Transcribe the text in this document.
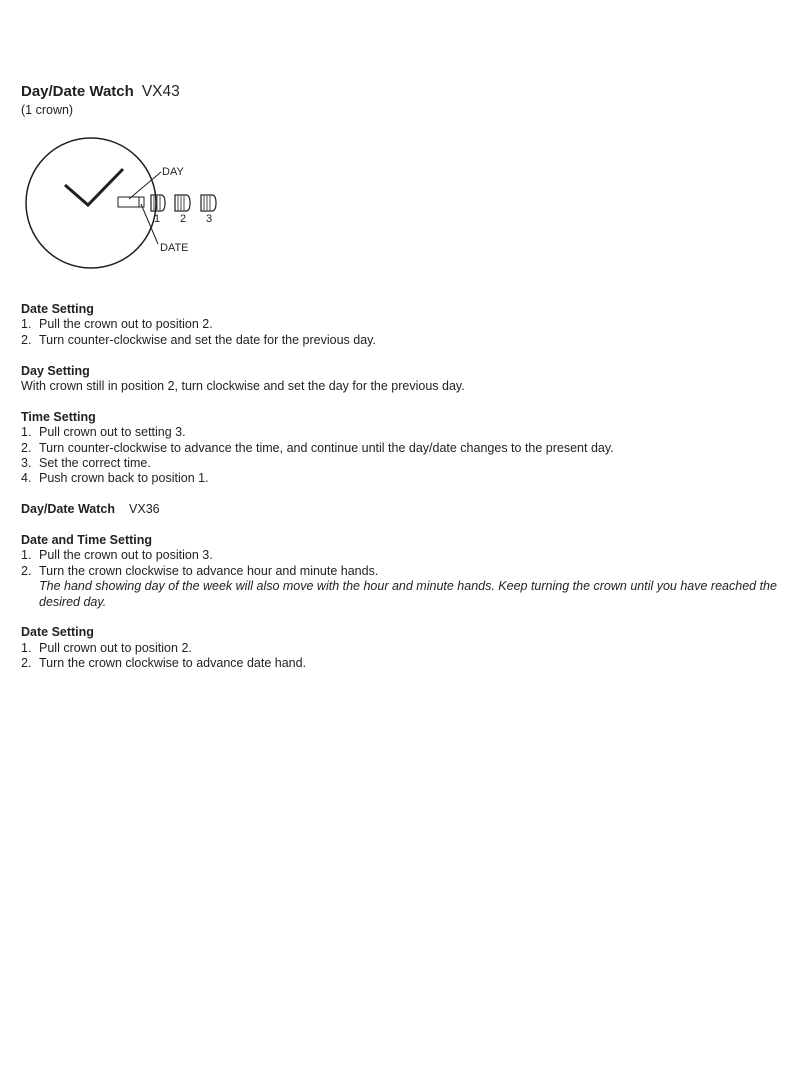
Day/Date Watch VX43
(1 crown)
DAY
DATE
1 2 3
Date Setting
1. Pull the crown out to position 2.
2. Turn counter-clockwise and set the date for the previous day.
Day Setting
With crown still in position 2, turn clockwise and set the day for the previous day.
Time Setting
1. Pull crown out to setting 3.
2. Turn counter-clockwise to advance the time, and continue until the day/date changes to the present day.
3. Set the correct time.
4. Push crown back to position 1.
Day/Date Watch VX36
Date and Time Setting
1. Pull the crown out to position 3.
2. Turn the crown clockwise to advance hour and minute hands.
The hand showing day of the week will also move with the hour and minute hands. Keep turning the crown until you have reached the desired day.
Date Setting
1. Pull crown out to position 2.
2. Turn the crown clockwise to advance date hand.
